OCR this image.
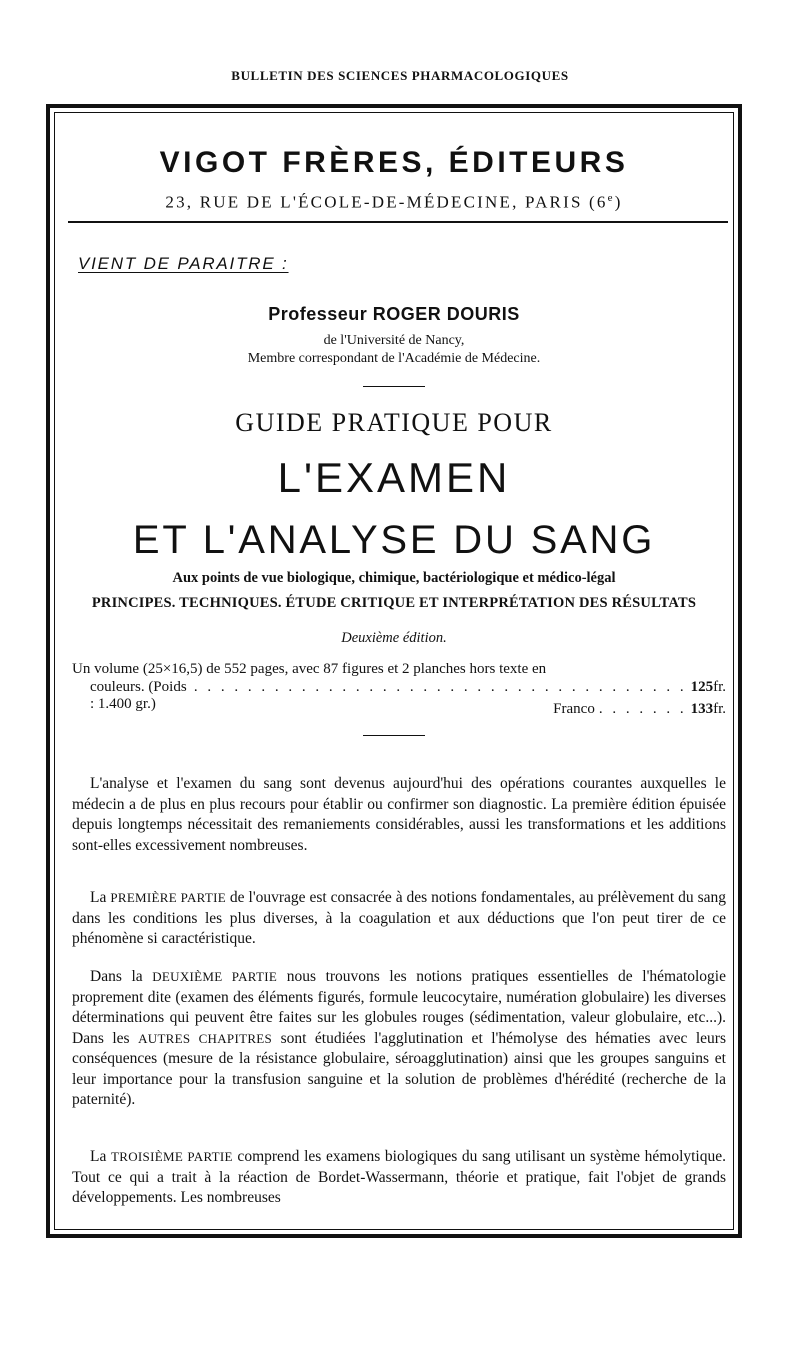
BULLETIN DES SCIENCES PHARMACOLOGIQUES
VIGOT FRÈRES, ÉDITEURS
23, RUE DE L'ÉCOLE-DE-MÉDECINE, PARIS (6e)
VIENT DE PARAITRE :
Professeur ROGER DOURIS
de l'Université de Nancy,
Membre correspondant de l'Académie de Médecine.
GUIDE PRATIQUE POUR
L'EXAMEN
ET L'ANALYSE DU SANG
Aux points de vue biologique, chimique, bactériologique et médico-légal
PRINCIPES. TECHNIQUES. ÉTUDE CRITIQUE ET INTERPRÉTATION DES RÉSULTATS
Deuxième édition.
Un volume (25×16,5) de 552 pages, avec 87 figures et 2 planches hors texte en
couleurs. (Poids : 1.400 gr.)
. . . . . . . . . . . . . . . . . . . . . . . . . . . . . . . . . . . . . 125 fr.
Franco . . . . . . . 133 fr.

L'analyse et l'examen du sang sont devenus aujourd'hui des opérations courantes auxquelles le médecin a de plus en plus recours pour établir ou confirmer son diagnostic. La première édition épuisée depuis longtemps nécessitait des remaniements considérables, aussi les transformations et les additions sont-elles excessivement nombreuses.

La PREMIÈRE PARTIE de l'ouvrage est consacrée à des notions fondamentales, au prélèvement du sang dans les conditions les plus diverses, à la coagulation et aux déductions que l'on peut tirer de ce phénomène si caractéristique.

Dans la DEUXIÈME PARTIE nous trouvons les notions pratiques essentielles de l'hématologie proprement dite (examen des éléments figurés, formule leucocytaire, numération globulaire) les diverses déterminations qui peuvent être faites sur les globules rouges (sédimentation, valeur globulaire, etc...). Dans les AUTRES CHAPITRES sont étudiées l'agglutination et l'hémolyse des hématies avec leurs conséquences (mesure de la résistance globulaire, séroagglutination) ainsi que les groupes sanguins et leur importance pour la transfusion sanguine et la solution de problèmes d'hérédité (recherche de la paternité).

La TROISIÈME PARTIE comprend les examens biologiques du sang utilisant un système hémolytique. Tout ce qui a trait à la réaction de Bordet-Wassermann, théorie et pratique, fait l'objet de grands développements. Les nombreuses
